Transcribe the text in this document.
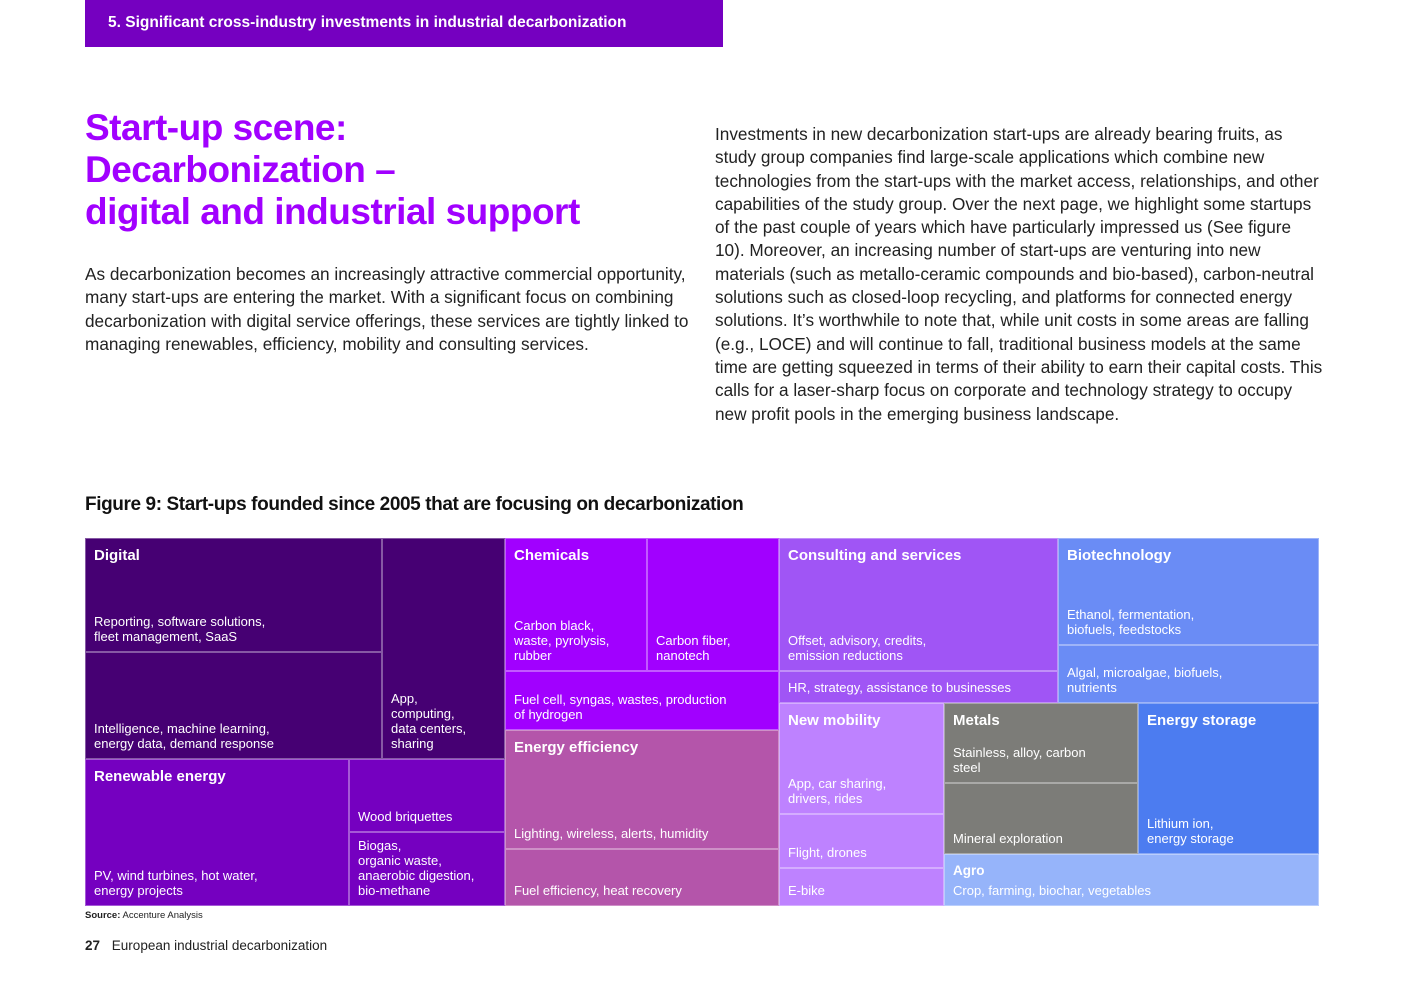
5. Significant cross-industry investments in industrial decarbonization
Start-up scene:
Decarbonization –
digital and industrial support

As decarbonization becomes an increasingly attractive commercial opportunity, many start-ups are entering the market. With a significant focus on combining decarbonization with digital service offerings, these services are tightly linked to managing renewables, efficiency, mobility and consulting services.

Investments in new decarbonization start-ups are already bearing fruits, as study group companies find large-scale applications which combine new technologies from the start-ups with the market access, relationships, and other capabilities of the study group. Over the next page, we highlight some startups of the past couple of years which have particularly impressed us (See figure 10). Moreover, an increasing number of start-ups are venturing into new materials (such as metallo-ceramic compounds and bio-based), carbon-neutral solutions such as closed-loop recycling, and platforms for connected energy solutions. It’s worthwhile to note that, while unit costs in some areas are falling (e.g., LOCE) and will continue to fall, traditional business models at the same time are getting squeezed in terms of their ability to earn their capital costs. This calls for a laser-sharp focus on corporate and technology strategy to occupy new profit pools in the emerging business landscape.

Figure 9: Start-ups founded since 2005 that are focusing on decarbonization
Digital
Reporting, software solutions,
fleet management, SaaS
Intelligence, machine learning,
energy data, demand response
App,
computing,
data centers,
sharing
Renewable energy
PV, wind turbines, hot water,
energy projects
Wood briquettes
Biogas,
organic waste,
anaerobic digestion,
bio-methane
Chemicals
Carbon black,
waste, pyrolysis,
rubber
Carbon fiber,
nanotech
Fuel cell, syngas, wastes, production
of hydrogen
Energy efficiency
Lighting, wireless, alerts, humidity
Fuel efficiency, heat recovery
Consulting and services
Offset, advisory, credits,
emission reductions
HR, strategy, assistance to businesses
Biotechnology
Ethanol, fermentation,
biofuels, feedstocks
Algal, microalgae, biofuels,
nutrients
New mobility
App, car sharing,
drivers, rides
Flight, drones
E-bike
Metals
Stainless, alloy, carbon
steel
Mineral exploration
Energy storage
Lithium ion,
energy storage
Agro
Crop, farming, biochar, vegetables
Source: Accenture Analysis
27 European industrial decarbonization
